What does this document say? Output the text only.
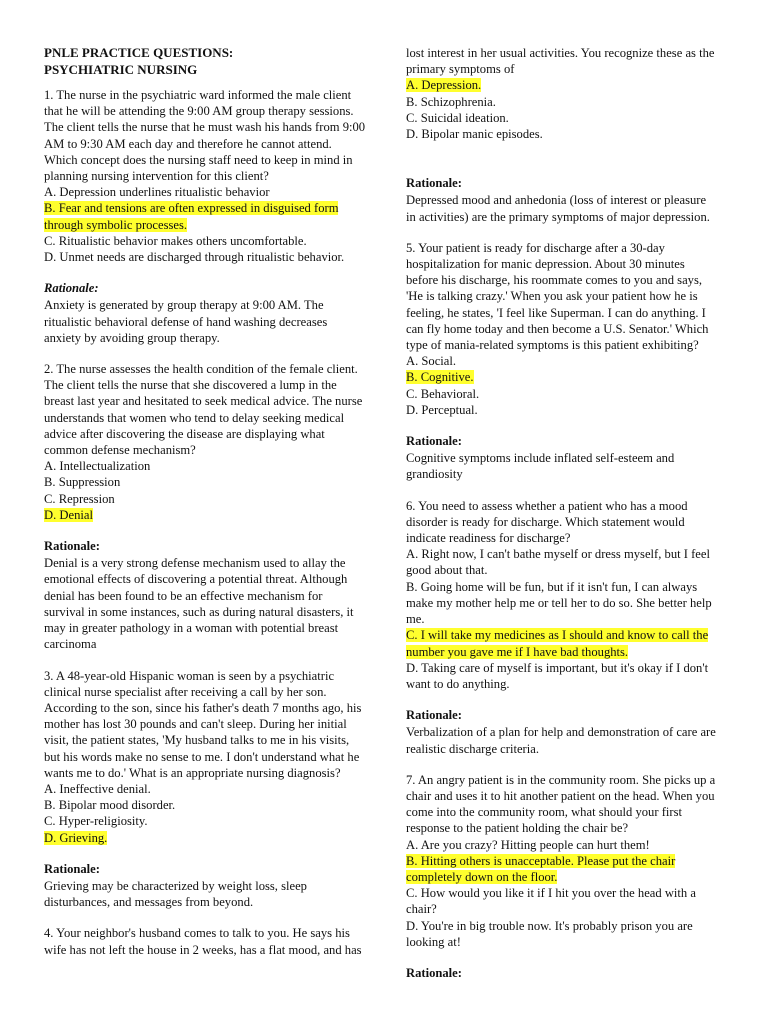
PNLE PRACTICE QUESTIONS:
PSYCHIATRIC NURSING
1. The nurse in the psychiatric ward informed the male client that he will be attending the 9:00 AM group therapy sessions. The client tells the nurse that he must wash his hands from 9:00 AM to 9:30 AM each day and therefore he cannot attend. Which concept does the nursing staff need to keep in mind in planning nursing intervention for this client?
A. Depression underlines ritualistic behavior
B. Fear and tensions are often expressed in disguised form through symbolic processes.
C. Ritualistic behavior makes others uncomfortable.
D. Unmet needs are discharged through ritualistic behavior.
Rationale:
Anxiety is generated by group therapy at 9:00 AM. The ritualistic behavioral defense of hand washing decreases anxiety by avoiding group therapy.
2. The nurse assesses the health condition of the female client. The client tells the nurse that she discovered a lump in the breast last year and hesitated to seek medical advice. The nurse understands that women who tend to delay seeking medical advice after discovering the disease are displaying what common defense mechanism?
A. Intellectualization
B. Suppression
C. Repression
D. Denial
Rationale:
Denial is a very strong defense mechanism used to allay the emotional effects of discovering a potential threat. Although denial has been found to be an effective mechanism for survival in some instances, such as during natural disasters, it may in greater pathology in a woman with potential breast carcinoma
3. A 48-year-old Hispanic woman is seen by a psychiatric clinical nurse specialist after receiving a call by her son. According to the son, since his father's death 7 months ago, his mother has lost 30 pounds and can't sleep. During her initial visit, the patient states, 'My husband talks to me in his visits, but his words make no sense to me. I don't understand what he wants me to do.' What is an appropriate nursing diagnosis?
A. Ineffective denial.
B. Bipolar mood disorder.
C. Hyper-religiosity.
D. Grieving.
Rationale:
Grieving may be characterized by weight loss, sleep disturbances, and messages from beyond.
4. Your neighbor's husband comes to talk to you. He says his wife has not left the house in 2 weeks, has a flat mood, and has
lost interest in her usual activities. You recognize these as the primary symptoms of
A. Depression.
B. Schizophrenia.
C. Suicidal ideation.
D. Bipolar manic episodes.
Rationale:
Depressed mood and anhedonia (loss of interest or pleasure in activities) are the primary symptoms of major depression.
5. Your patient is ready for discharge after a 30-day hospitalization for manic depression. About 30 minutes before his discharge, his roommate comes to you and says, 'He is talking crazy.' When you ask your patient how he is feeling, he states, 'I feel like Superman. I can do anything. I can fly home today and then become a U.S. Senator.' Which type of mania-related symptoms is this patient exhibiting?
A. Social.
B. Cognitive.
C. Behavioral.
D. Perceptual.
Rationale:
Cognitive symptoms include inflated self-esteem and grandiosity
6. You need to assess whether a patient who has a mood disorder is ready for discharge. Which statement would indicate readiness for discharge?
A. Right now, I can't bathe myself or dress myself, but I feel good about that.
B. Going home will be fun, but if it isn't fun, I can always make my mother help me or tell her to do so. She better help me.
C. I will take my medicines as I should and know to call the number you gave me if I have bad thoughts.
D. Taking care of myself is important, but it's okay if I don't want to do anything.
Rationale:
Verbalization of a plan for help and demonstration of care are realistic discharge criteria.
7. An angry patient is in the community room. She picks up a chair and uses it to hit another patient on the head. When you come into the community room, what should your first response to the patient holding the chair be?
A. Are you crazy? Hitting people can hurt them!
B. Hitting others is unacceptable. Please put the chair completely down on the floor.
C. How would you like it if I hit you over the head with a chair?
D. You're in big trouble now. It's probably prison you are looking at!
Rationale:
